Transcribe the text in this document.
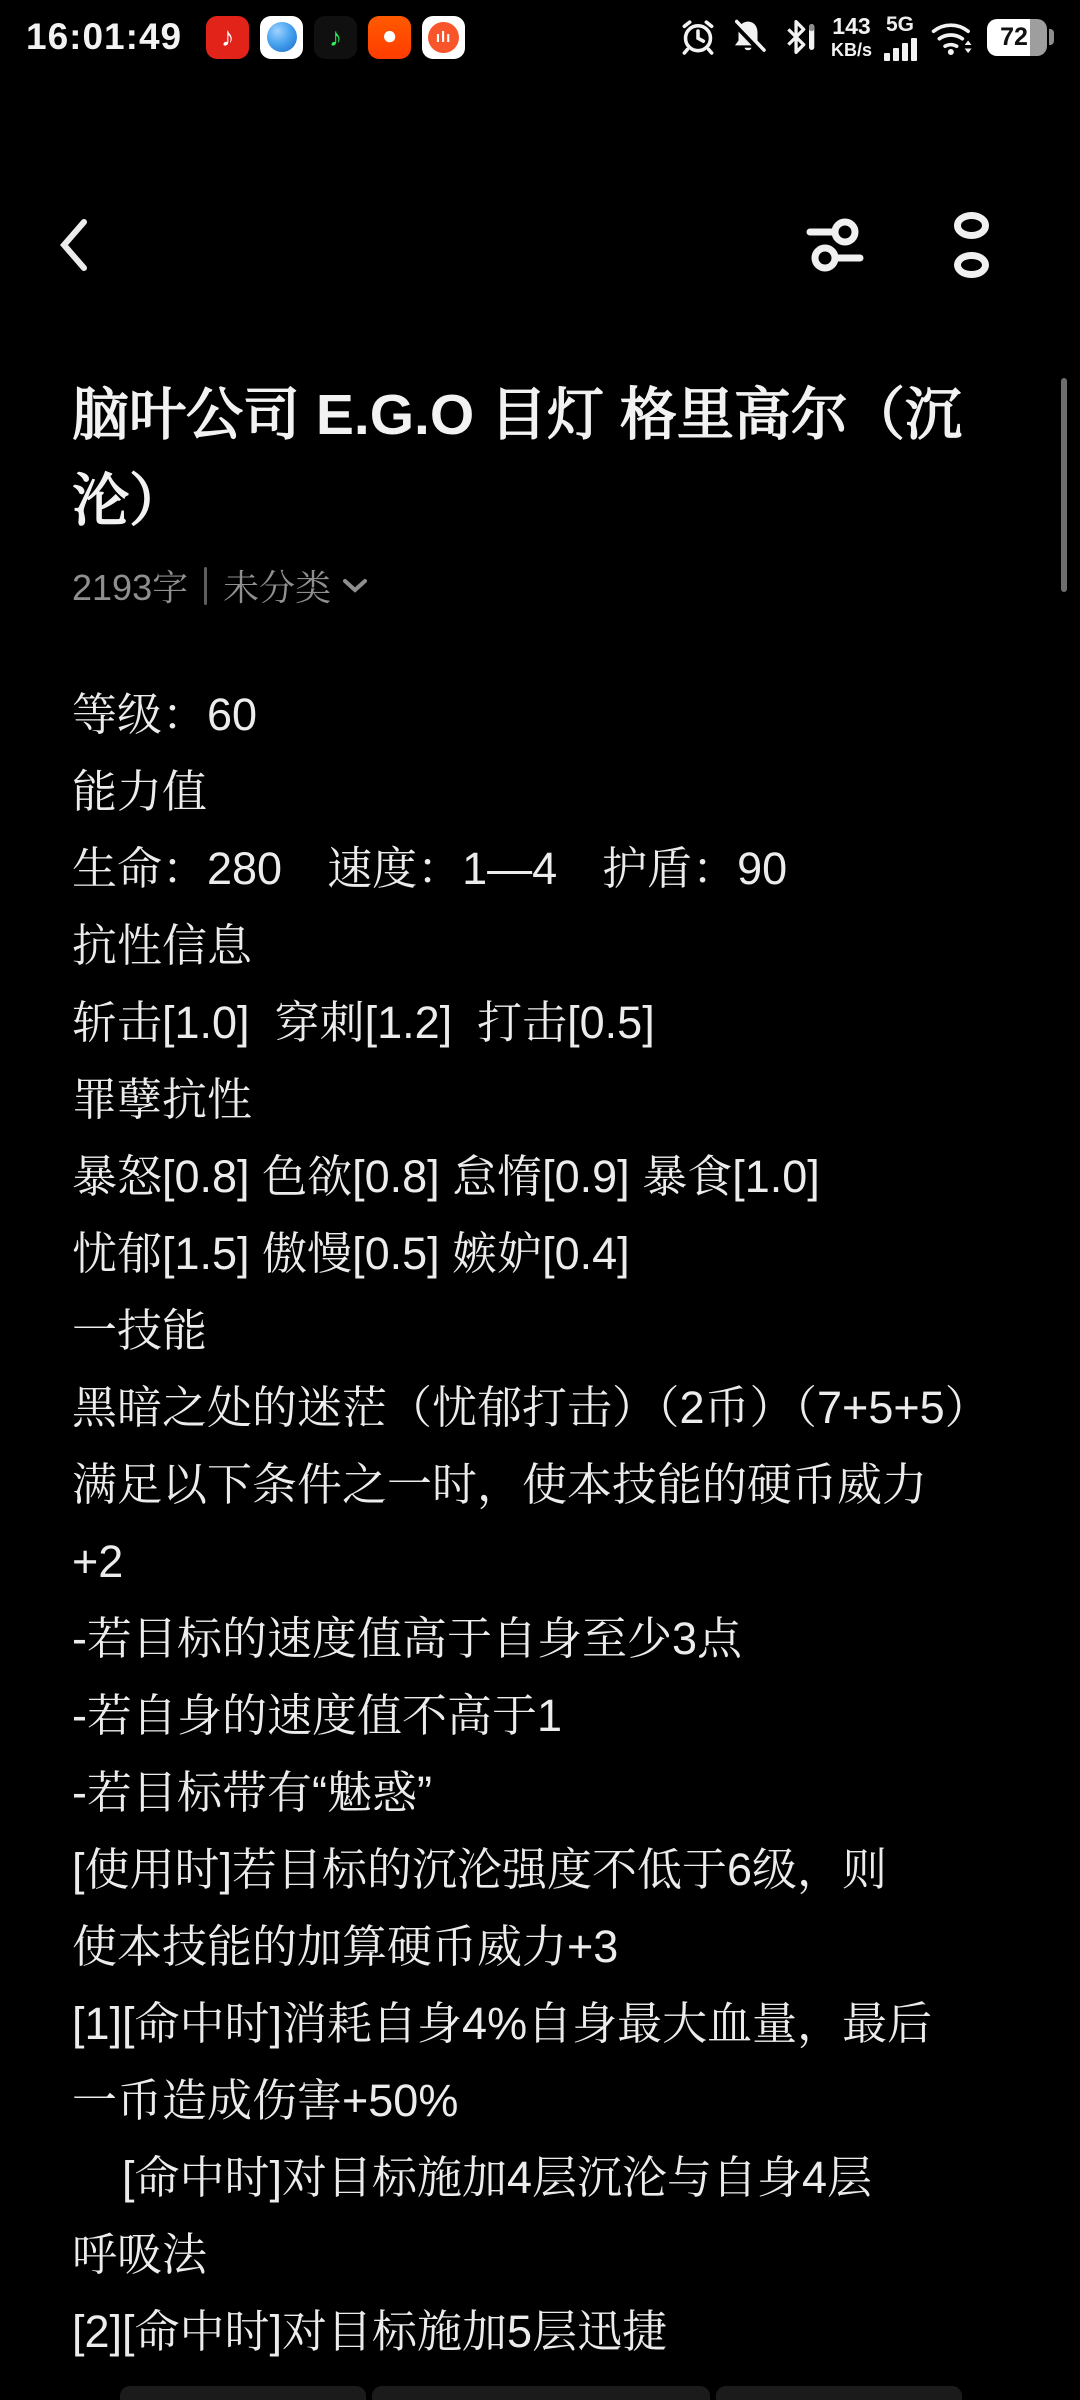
16:01:49	♪	♪	⏺	ılı	143
KB/s
5G	72
脑叶公司 E.G.O 目灯 格里高尔（沉沦）
2193字 未分类
等级：60
能力值
生命：280　速度：1—4　护盾：90
抗性信息
斩击[1.0]  穿刺[1.2]  打击[0.5]
罪孽抗性
暴怒[0.8] 色欲[0.8] 怠惰[0.9] 暴食[1.0]
忧郁[1.5] 傲慢[0.5] 嫉妒[0.4]
一技能
黑暗之处的迷茫（忧郁打击）（2币）（7+5+5）
满足以下条件之一时，使本技能的硬币威力
+2
-若目标的速度值高于自身至少3点
-若自身的速度值不高于1
-若目标带有“魅惑”
[使用时]若目标的沉沦强度不低于6级，则
使本技能的加算硬币威力+3
[1][命中时]消耗自身4%自身最大血量，最后
一币造成伤害+50%
[命中时]对目标施加4层沉沦与自身4层
呼吸法
[2][命中时]对目标施加5层迅捷
